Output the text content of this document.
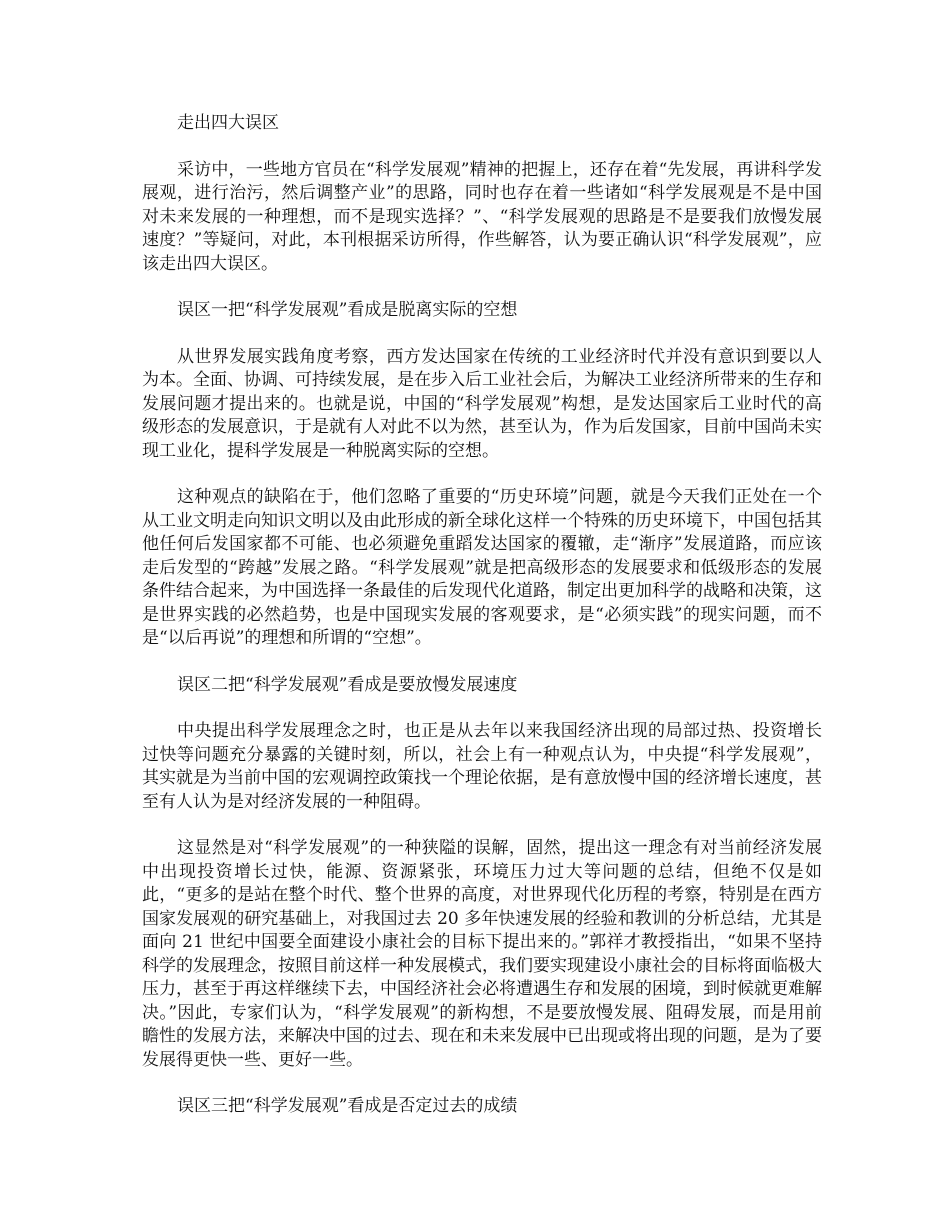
走出四大误区

采访中，一些地方官员在“科学发展观”精神的把握上，还存在着“先发展，再讲科学发展观，进行治污，然后调整产业”的思路，同时也存在着一些诸如“科学发展观是不是中国对未来发展的一种理想，而不是现实选择？”、“科学发展观的思路是不是要我们放慢发展速度？”等疑问，对此，本刊根据采访所得，作些解答，认为要正确认识“科学发展观”，应该走出四大误区。

误区一把“科学发展观”看成是脱离实际的空想

从世界发展实践角度考察，西方发达国家在传统的工业经济时代并没有意识到要以人为本。全面、协调、可持续发展，是在步入后工业社会后，为解决工业经济所带来的生存和发展问题才提出来的。也就是说，中国的“科学发展观”构想，是发达国家后工业时代的高级形态的发展意识，于是就有人对此不以为然，甚至认为，作为后发国家，目前中国尚未实现工业化，提科学发展是一种脱离实际的空想。

这种观点的缺陷在于，他们忽略了重要的“历史环境”问题，就是今天我们正处在一个从工业文明走向知识文明以及由此形成的新全球化这样一个特殊的历史环境下，中国包括其他任何后发国家都不可能、也必须避免重蹈发达国家的覆辙，走“渐序”发展道路，而应该走后发型的“跨越”发展之路。“科学发展观”就是把高级形态的发展要求和低级形态的发展条件结合起来，为中国选择一条最佳的后发现代化道路，制定出更加科学的战略和决策，这是世界实践的必然趋势，也是中国现实发展的客观要求，是“必须实践”的现实问题，而不是“以后再说”的理想和所谓的“空想”。

误区二把“科学发展观”看成是要放慢发展速度

中央提出科学发展理念之时，也正是从去年以来我国经济出现的局部过热、投资增长过快等问题充分暴露的关键时刻，所以，社会上有一种观点认为，中央提“科学发展观”，其实就是为当前中国的宏观调控政策找一个理论依据，是有意放慢中国的经济增长速度，甚至有人认为是对经济发展的一种阻碍。

这显然是对“科学发展观”的一种狭隘的误解，固然，提出这一理念有对当前经济发展中出现投资增长过快，能源、资源紧张，环境压力过大等问题的总结，但绝不仅是如此，“更多的是站在整个时代、整个世界的高度，对世界现代化历程的考察，特别是在西方国家发展观的研究基础上，对我国过去 20 多年快速发展的经验和教训的分析总结，尤其是面向 21 世纪中国要全面建设小康社会的目标下提出来的。”郭祥才教授指出，“如果不坚持科学的发展理念，按照目前这样一种发展模式，我们要实现建设小康社会的目标将面临极大压力，甚至于再这样继续下去，中国经济社会必将遭遇生存和发展的困境，到时候就更难解决。”因此，专家们认为，“科学发展观”的新构想，不是要放慢发展、阻碍发展，而是用前瞻性的发展方法，来解决中国的过去、现在和未来发展中已出现或将出现的问题，是为了要发展得更快一些、更好一些。

误区三把“科学发展观”看成是否定过去的成绩
